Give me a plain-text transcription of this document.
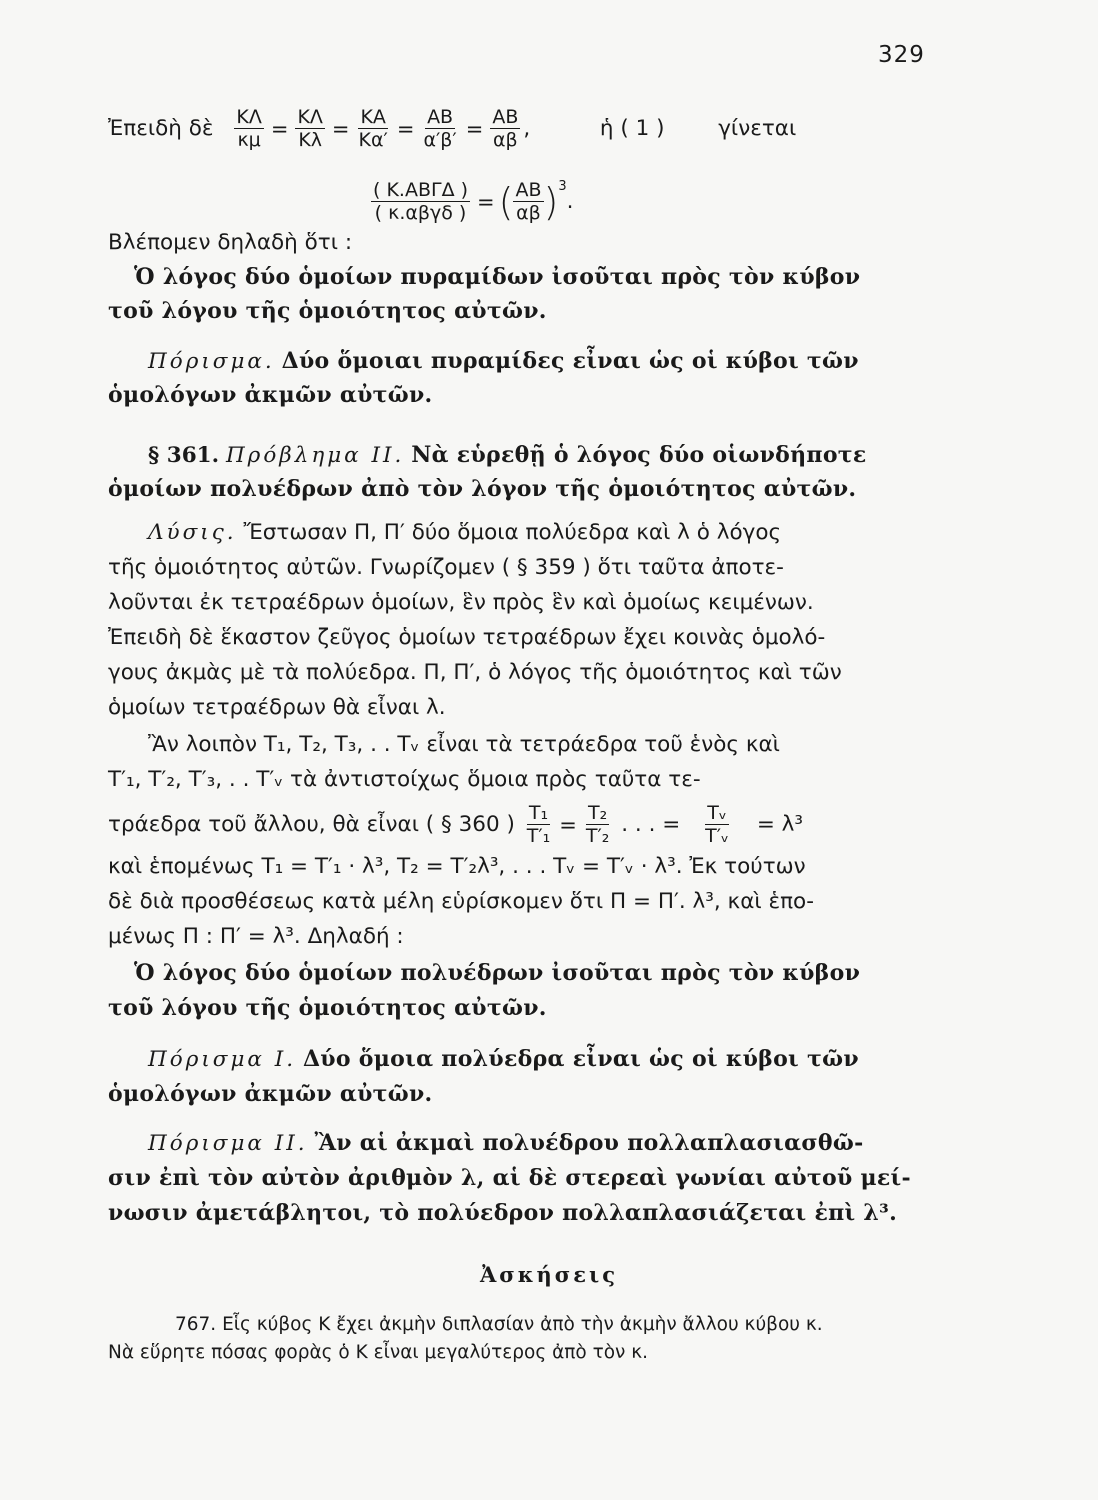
329
Ἐπειδὴ δὲ $\frac{K\Lambda}{\kappa\mu} = \frac{K\Lambda}{K\lambda} = \frac{KA}{K\alpha'} = \frac{AB}{\alpha'\beta'} = \frac{AB}{\alpha\beta}$ ,	ἡ ( 1 ) γίνεται
$\frac{\text{( Κ.ΑΒΓΔ )}}{\text{( κ.αβγδ )}}$ = ( $\frac{AB}{\alpha\beta} )^3$.
Βλέπομεν δηλαδὴ ὅτι :
Ὁ λόγος δύο ὁμοίων πυραμίδων ἰσοῦται πρὸς τὸν κύβον
τοῦ λόγου τῆς ὁμοιότητος αὐτῶν.
Πόρισμα. Δύο ὅμοιαι πυραμίδες εἶναι ὡς οἱ κύβοι τῶν
ὁμολόγων ἀκμῶν αὐτῶν.
§ 361. Πρόβλημα ΙΙ. Νὰ εὑρεθῇ ὁ λόγος δύο οἱωνδήποτε
ὁμοίων πολυέδρων ἀπὸ τὸν λόγον τῆς ὁμοιότητος αὐτῶν.
Λύσις. Ἔστωσαν Π, Π′ δύο ὅμοια πολύεδρα καὶ λ ὁ λόγος
τῆς ὁμοιότητος αὐτῶν. Γνωρίζομεν ( § 359 ) ὅτι ταῦτα ἀποτε-
λοῦνται ἐκ τετραέδρων ὁμοίων, ἓν πρὸς ἓν καὶ ὁμοίως κειμένων.
Ἐπειδὴ δὲ ἕκαστον ζεῦγος ὁμοίων τετραέδρων ἔχει κοινὰς ὁμολό-
γους ἀκμὰς μὲ τὰ πολύεδρα. Π, Π′, ὁ λόγος τῆς ὁμοιότητος καὶ τῶν
ὁμοίων τετραέδρων θὰ εἶναι λ.
Ἂν λοιπὸν Τ₁, Τ₂, Τ₃, . . Τᵥ εἶναι τὰ τετράεδρα τοῦ ἑνὸς καὶ
Τ′₁, Τ′₂, Τ′₃, . . Τ′ᵥ τὰ ἀντιστοίχως ὅμοια πρὸς ταῦτα τε-
τράεδρα τοῦ ἄλλου, θὰ εἶναι ( § 360 ) $\frac{\text{Τ₁}}{\text{Τ′₁}} = \frac{\text{Τ₂}}{\text{Τ′₂}}$ . . . = $\frac{\text{Τᵥ}}{\text{Τ′ᵥ}} = \lambda^3$
καὶ ἑπομένως Τ₁ = Τ′₁ · λ³, Τ₂ = Τ′₂λ³, . . . Τᵥ = Τ′ᵥ · λ³. Ἐκ τούτων
δὲ διὰ προσθέσεως κατὰ μέλη εὑρίσκομεν ὅτι Π = Π′. λ³, καὶ ἑπο-
μένως Π : Π′ = λ³. Δηλαδή :
Ὁ λόγος δύο ὁμοίων πολυέδρων ἰσοῦται πρὸς τὸν κύβον
τοῦ λόγου τῆς ὁμοιότητος αὐτῶν.
Πόρισμα Ι. Δύο ὅμοια πολύεδρα εἶναι ὡς οἱ κύβοι τῶν
ὁμολόγων ἀκμῶν αὐτῶν.
Πόρισμα ΙΙ. Ἂν αἱ ἀκμαὶ πολυέδρου πολλαπλασιασθῶ-
σιν ἐπὶ τὸν αὐτὸν ἀριθμὸν λ, αἱ δὲ στερεαὶ γωνίαι αὐτοῦ μεί-
νωσιν ἀμετάβλητοι, τὸ πολύεδρον πολλαπλασιάζεται ἐπὶ λ³.
Ἀσκήσεις
767. Εἷς κύβος Κ ἔχει ἀκμὴν διπλασίαν ἀπὸ τὴν ἀκμὴν ἄλλου κύβου κ.
Νὰ εὕρητε πόσας φορὰς ὁ Κ εἶναι μεγαλύτερος ἀπὸ τὸν κ.
